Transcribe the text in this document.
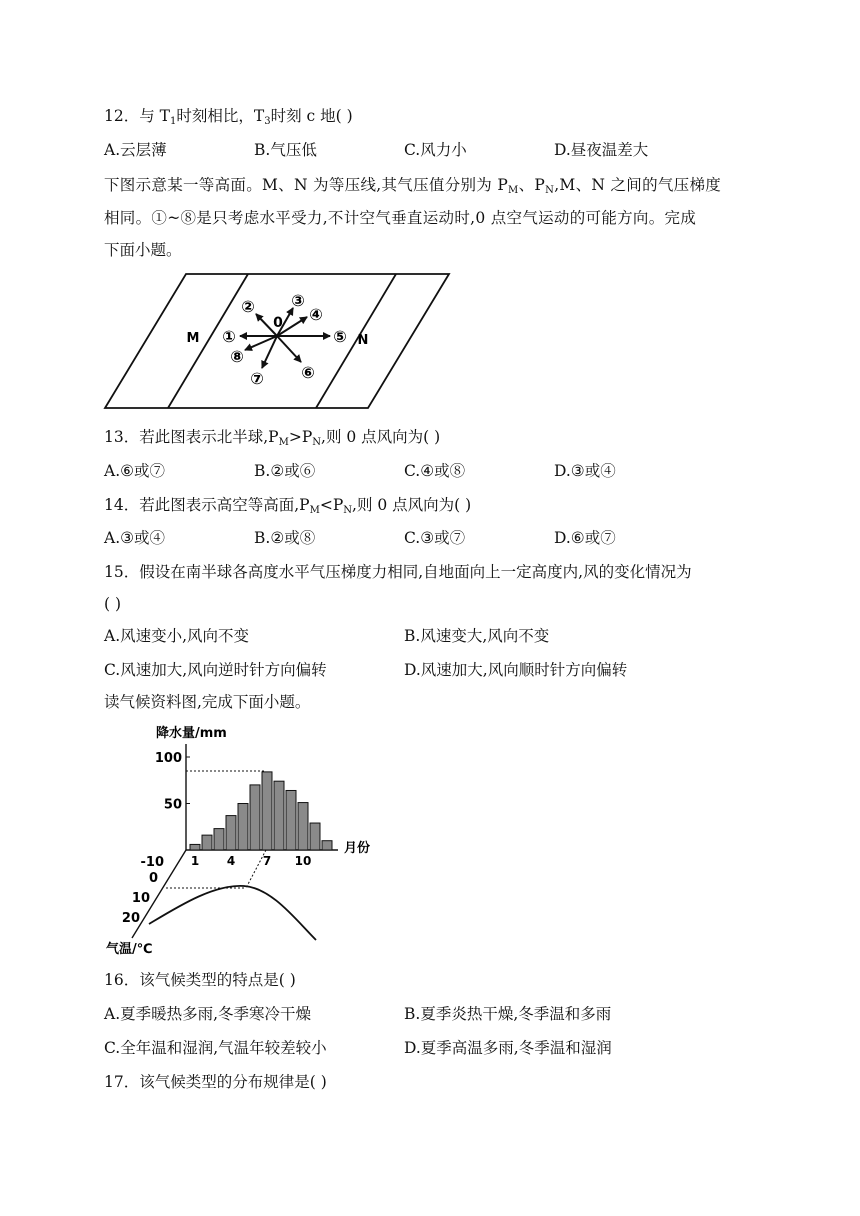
12．与 $T_1$时刻相比，$T_3$时刻 c 地( )
A.云层薄	B.气压低	C.风力小	D.昼夜温差大
下图示意某一等高面。M、N 为等压线,其气压值分别为 $P_M$、$P_N,M$、N 之间的气压梯度
相同。①~⑧是只考虑水平受力,不计空气垂直运动时,0 点空气运动的可能方向。完成
下面小题。
M	N
0
①
② ③
④
⑤
⑥
⑦
⑧
13．若此图表示北半球$,P_M>P_N$,则 0 点风向为( )
A.⑥或⑦	B.②或⑥	C.④或⑧	D.③或④
14．若此图表示高空等高面$,P_M<P_N$,则 0 点风向为( )
A.③或④	B.②或⑧	C.③或⑦	D.⑥或⑦
15．假设在南半球各高度水平气压梯度力相同,自地面向上一定高度内,风的变化情况为
( )
A.风速变小,风向不变	B.风速变大,风向不变
C.风速加大,风向逆时针方向偏转	D.风速加大,风向顺时针方向偏转
读气候资料图,完成下面小题。
降水量/mm
月份
100
50
1 4 7 10
-10
0
10
20
气温/℃
16．该气候类型的特点是( )
A.夏季暖热多雨,冬季寒冷干燥	B.夏季炎热干燥,冬季温和多雨
C.全年温和湿润,气温年较差较小	D.夏季高温多雨,冬季温和湿润
17．该气候类型的分布规律是( )
